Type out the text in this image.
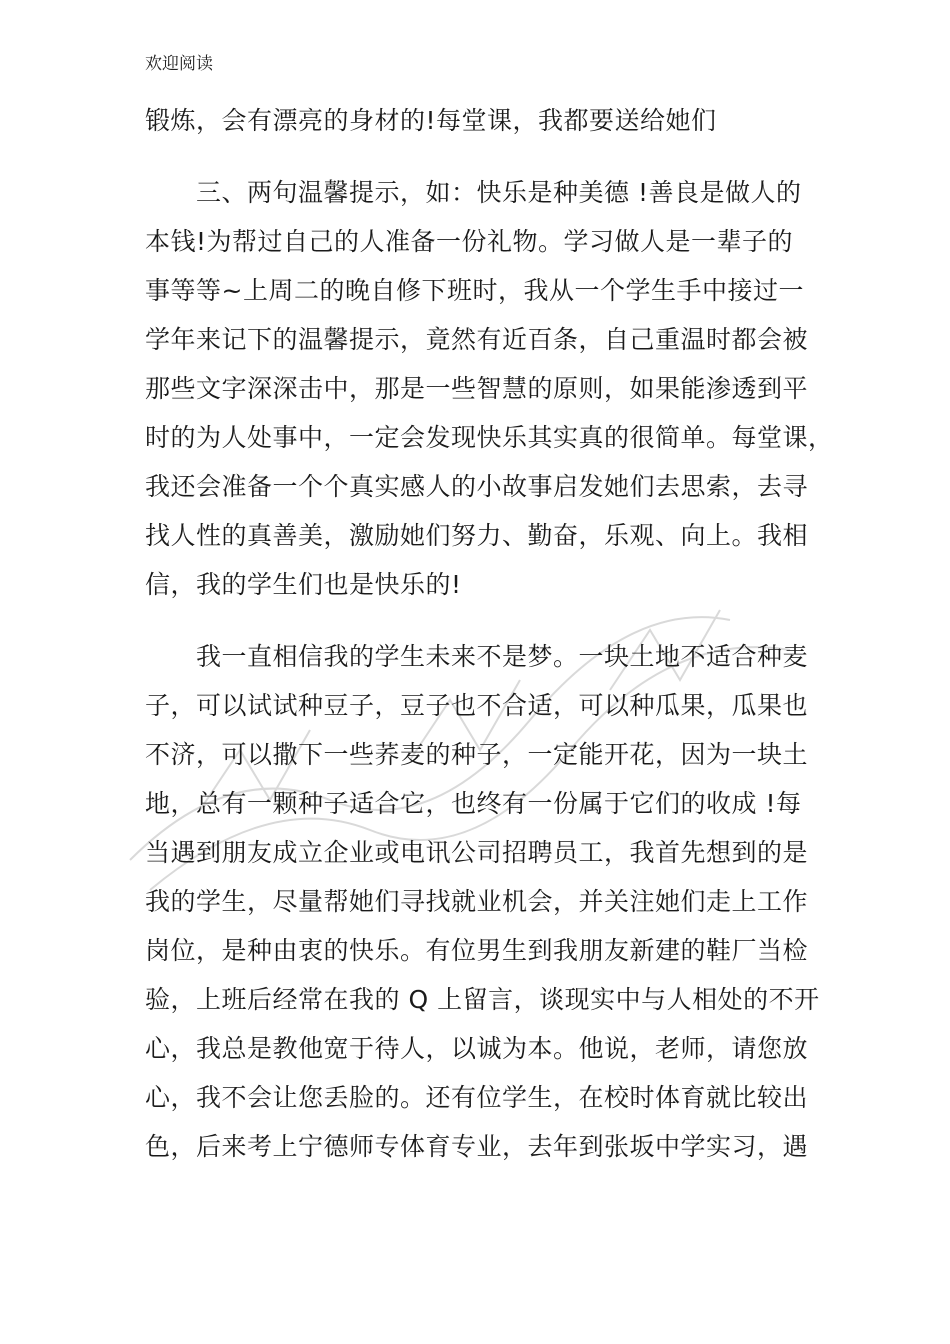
欢迎阅读
锻炼，会有漂亮的身材的!每堂课，我都要送给她们
　　三、两句温馨提示，如：快乐是种美德 !善良是做人的
本钱!为帮过自己的人准备一份礼物。学习做人是一辈子的
事等等~上周二的晚自修下班时，我从一个学生手中接过一
学年来记下的温馨提示，竟然有近百条，自己重温时都会被
那些文字深深击中，那是一些智慧的原则，如果能渗透到平
时的为人处事中，一定会发现快乐其实真的很简单。每堂课，
我还会准备一个个真实感人的小故事启发她们去思索，去寻
找人性的真善美，激励她们努力、勤奋，乐观、向上。我相
信，我的学生们也是快乐的!
　　我一直相信我的学生未来不是梦。一块土地不适合种麦
子，可以试试种豆子，豆子也不合适，可以种瓜果，瓜果也
不济，可以撒下一些荞麦的种子，一定能开花，因为一块土
地，总有一颗种子适合它，也终有一份属于它们的收成 !每
当遇到朋友成立企业或电讯公司招聘员工，我首先想到的是
我的学生，尽量帮她们寻找就业机会，并关注她们走上工作
岗位，是种由衷的快乐。有位男生到我朋友新建的鞋厂当检
验，上班后经常在我的 Q 上留言，谈现实中与人相处的不开
心，我总是教他宽于待人，以诚为本。他说，老师，请您放
心，我不会让您丢脸的。还有位学生，在校时体育就比较出
色，后来考上宁德师专体育专业，去年到张坂中学实习，遇
